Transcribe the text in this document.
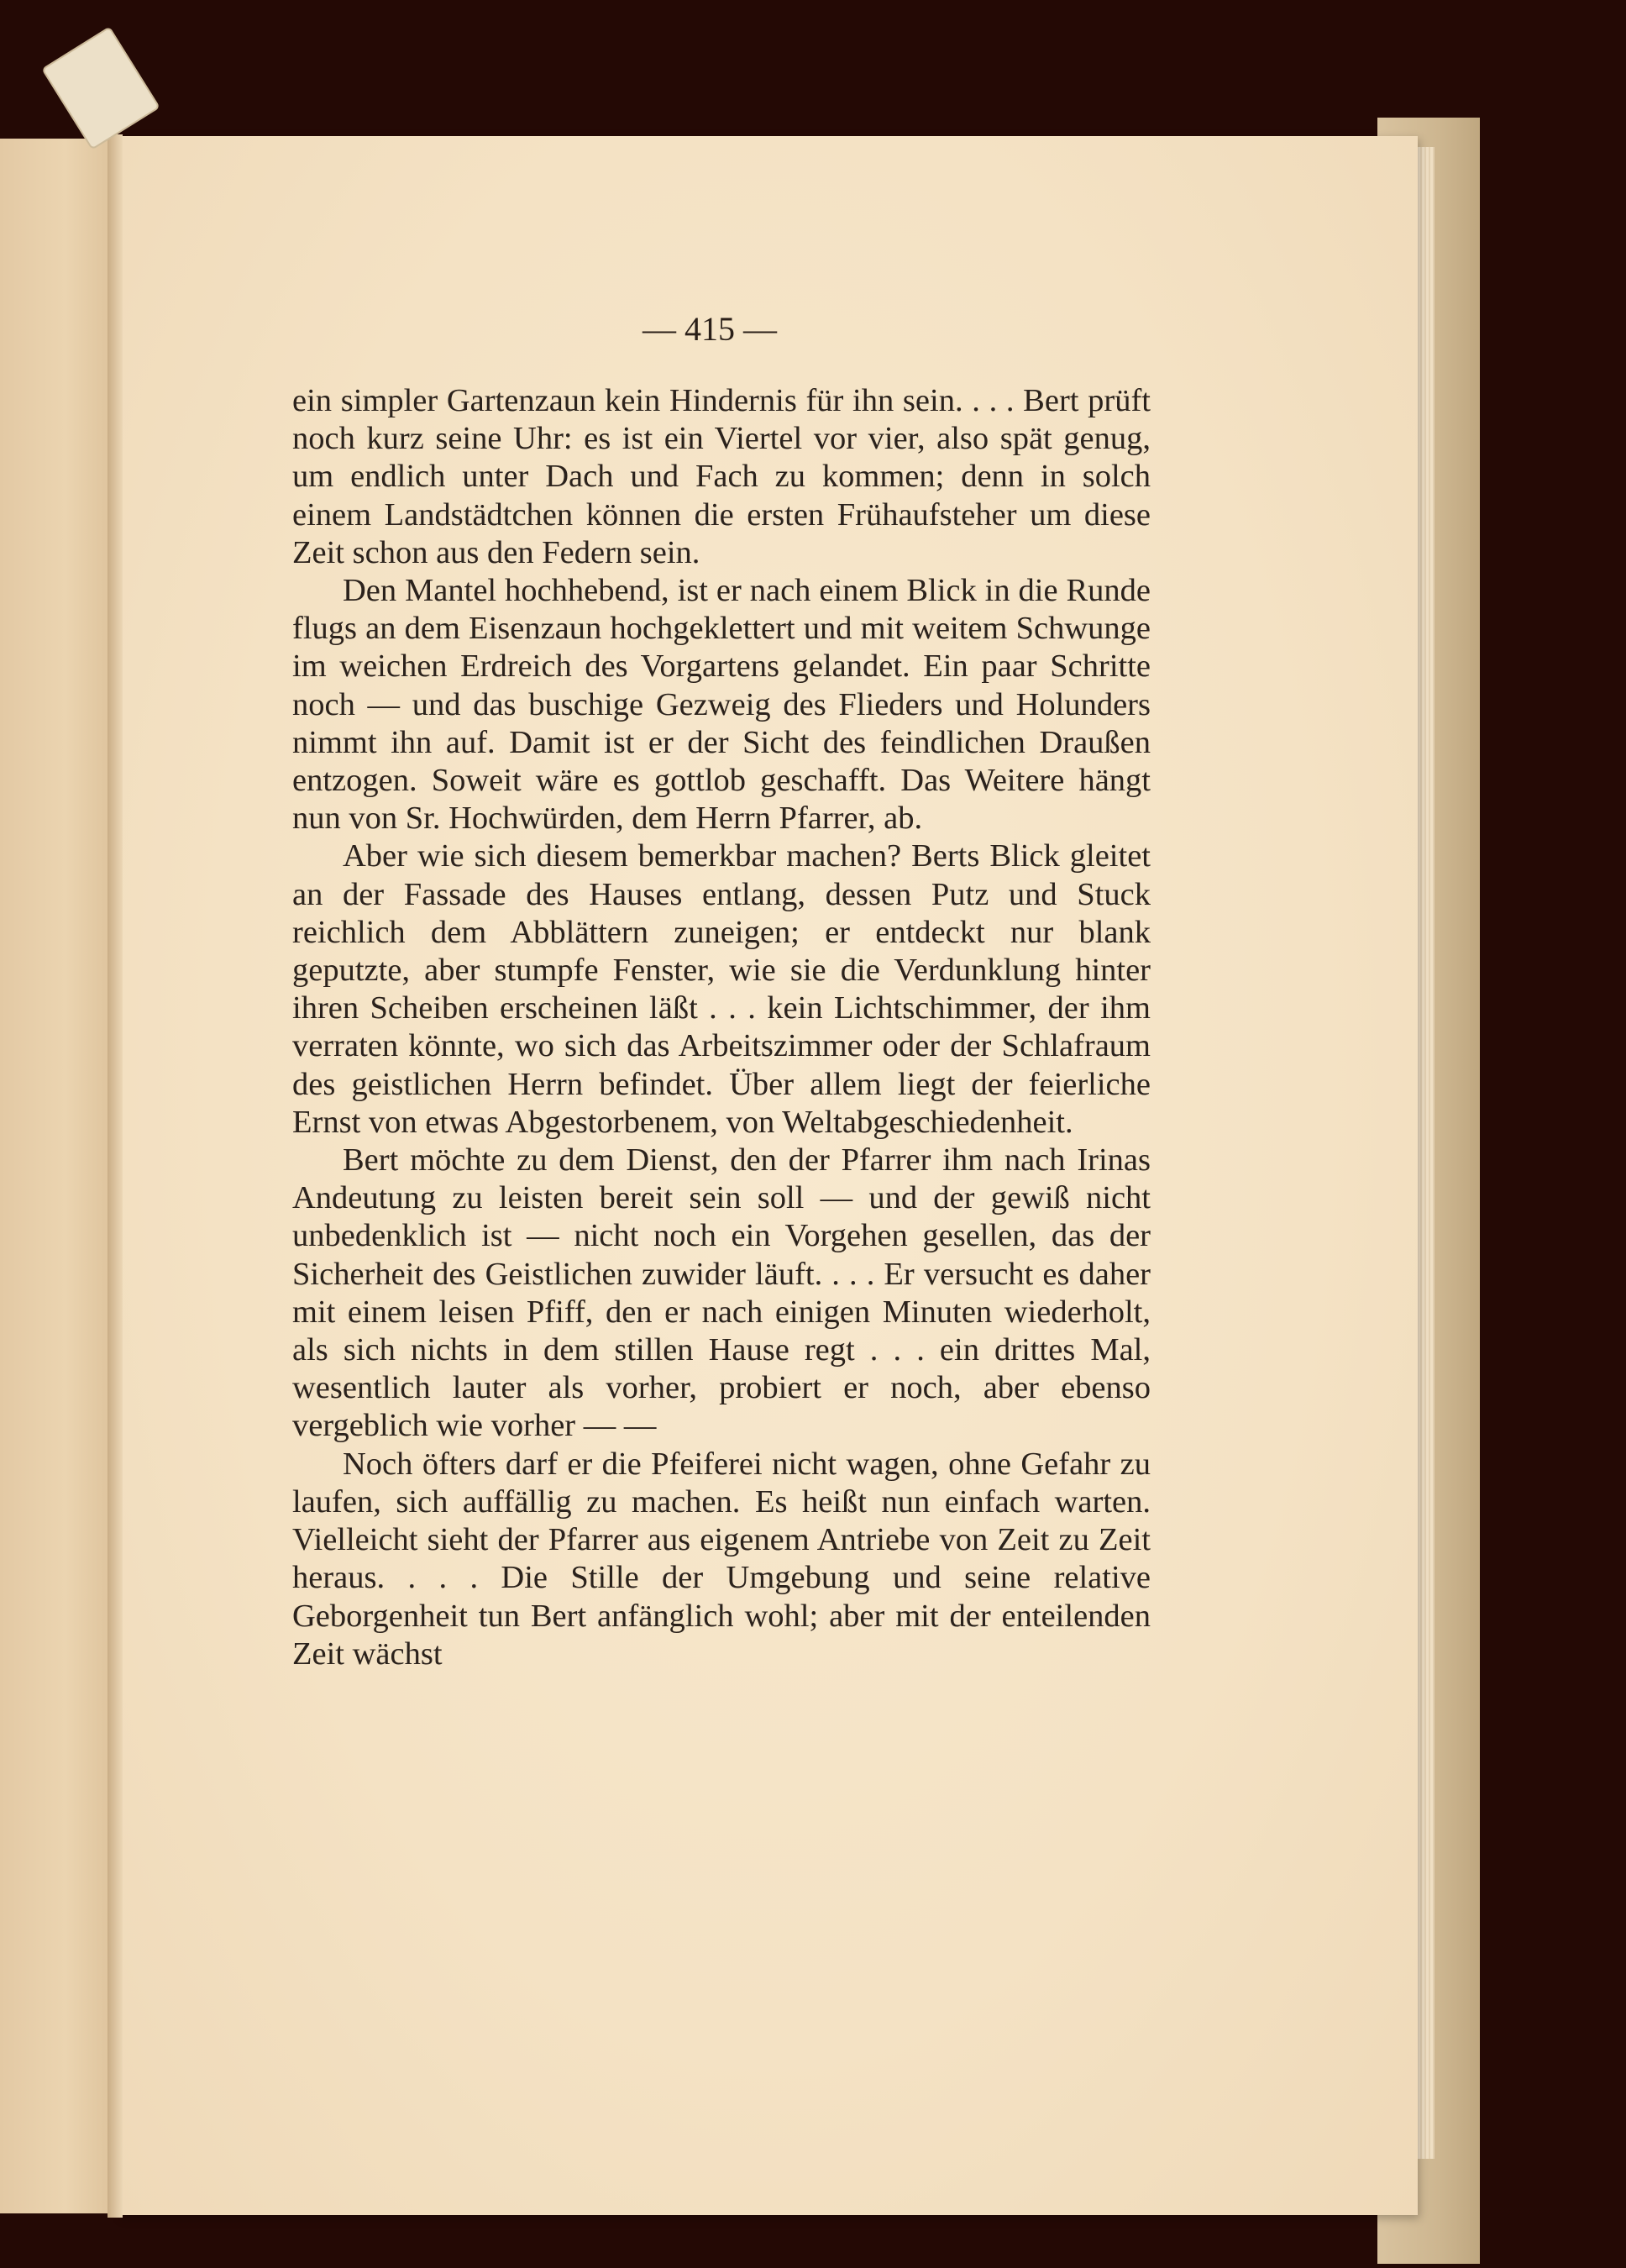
— 415 —

ein simpler Gartenzaun kein Hindernis für ihn sein. . . . Bert prüft noch kurz seine Uhr: es ist ein Viertel vor vier, also spät genug, um endlich unter Dach und Fach zu kommen; denn in solch einem Landstädtchen können die ersten Frühaufsteher um diese Zeit schon aus den Federn sein.

Den Mantel hochhebend, ist er nach einem Blick in die Runde flugs an dem Eisenzaun hochgeklettert und mit weitem Schwunge im weichen Erdreich des Vorgartens gelandet. Ein paar Schritte noch — und das buschige Gezweig des Flieders und Holunders nimmt ihn auf. Damit ist er der Sicht des feindlichen Draußen entzogen. Soweit wäre es gottlob geschafft. Das Weitere hängt nun von Sr. Hochwürden, dem Herrn Pfarrer, ab.

Aber wie sich diesem bemerkbar machen? Berts Blick gleitet an der Fassade des Hauses entlang, dessen Putz und Stuck reichlich dem Abblättern zuneigen; er entdeckt nur blank geputzte, aber stumpfe Fenster, wie sie die Verdunklung hinter ihren Scheiben erscheinen läßt . . . kein Lichtschimmer, der ihm verraten könnte, wo sich das Arbeitszimmer oder der Schlafraum des geistlichen Herrn befindet. Über allem liegt der feierliche Ernst von etwas Abgestorbenem, von Weltabgeschiedenheit.

Bert möchte zu dem Dienst, den der Pfarrer ihm nach Irinas Andeutung zu leisten bereit sein soll — und der gewiß nicht unbedenklich ist — nicht noch ein Vorgehen gesellen, das der Sicherheit des Geistlichen zuwider läuft. . . . Er versucht es daher mit einem leisen Pfiff, den er nach einigen Minuten wiederholt, als sich nichts in dem stillen Hause regt . . . ein drittes Mal, wesentlich lauter als vorher, probiert er noch, aber ebenso vergeblich wie vorher — —

Noch öfters darf er die Pfeiferei nicht wagen, ohne Gefahr zu laufen, sich auffällig zu machen. Es heißt nun einfach warten. Vielleicht sieht der Pfarrer aus eigenem Antriebe von Zeit zu Zeit heraus. . . . Die Stille der Umgebung und seine relative Geborgenheit tun Bert anfänglich wohl; aber mit der enteilenden Zeit wächst
